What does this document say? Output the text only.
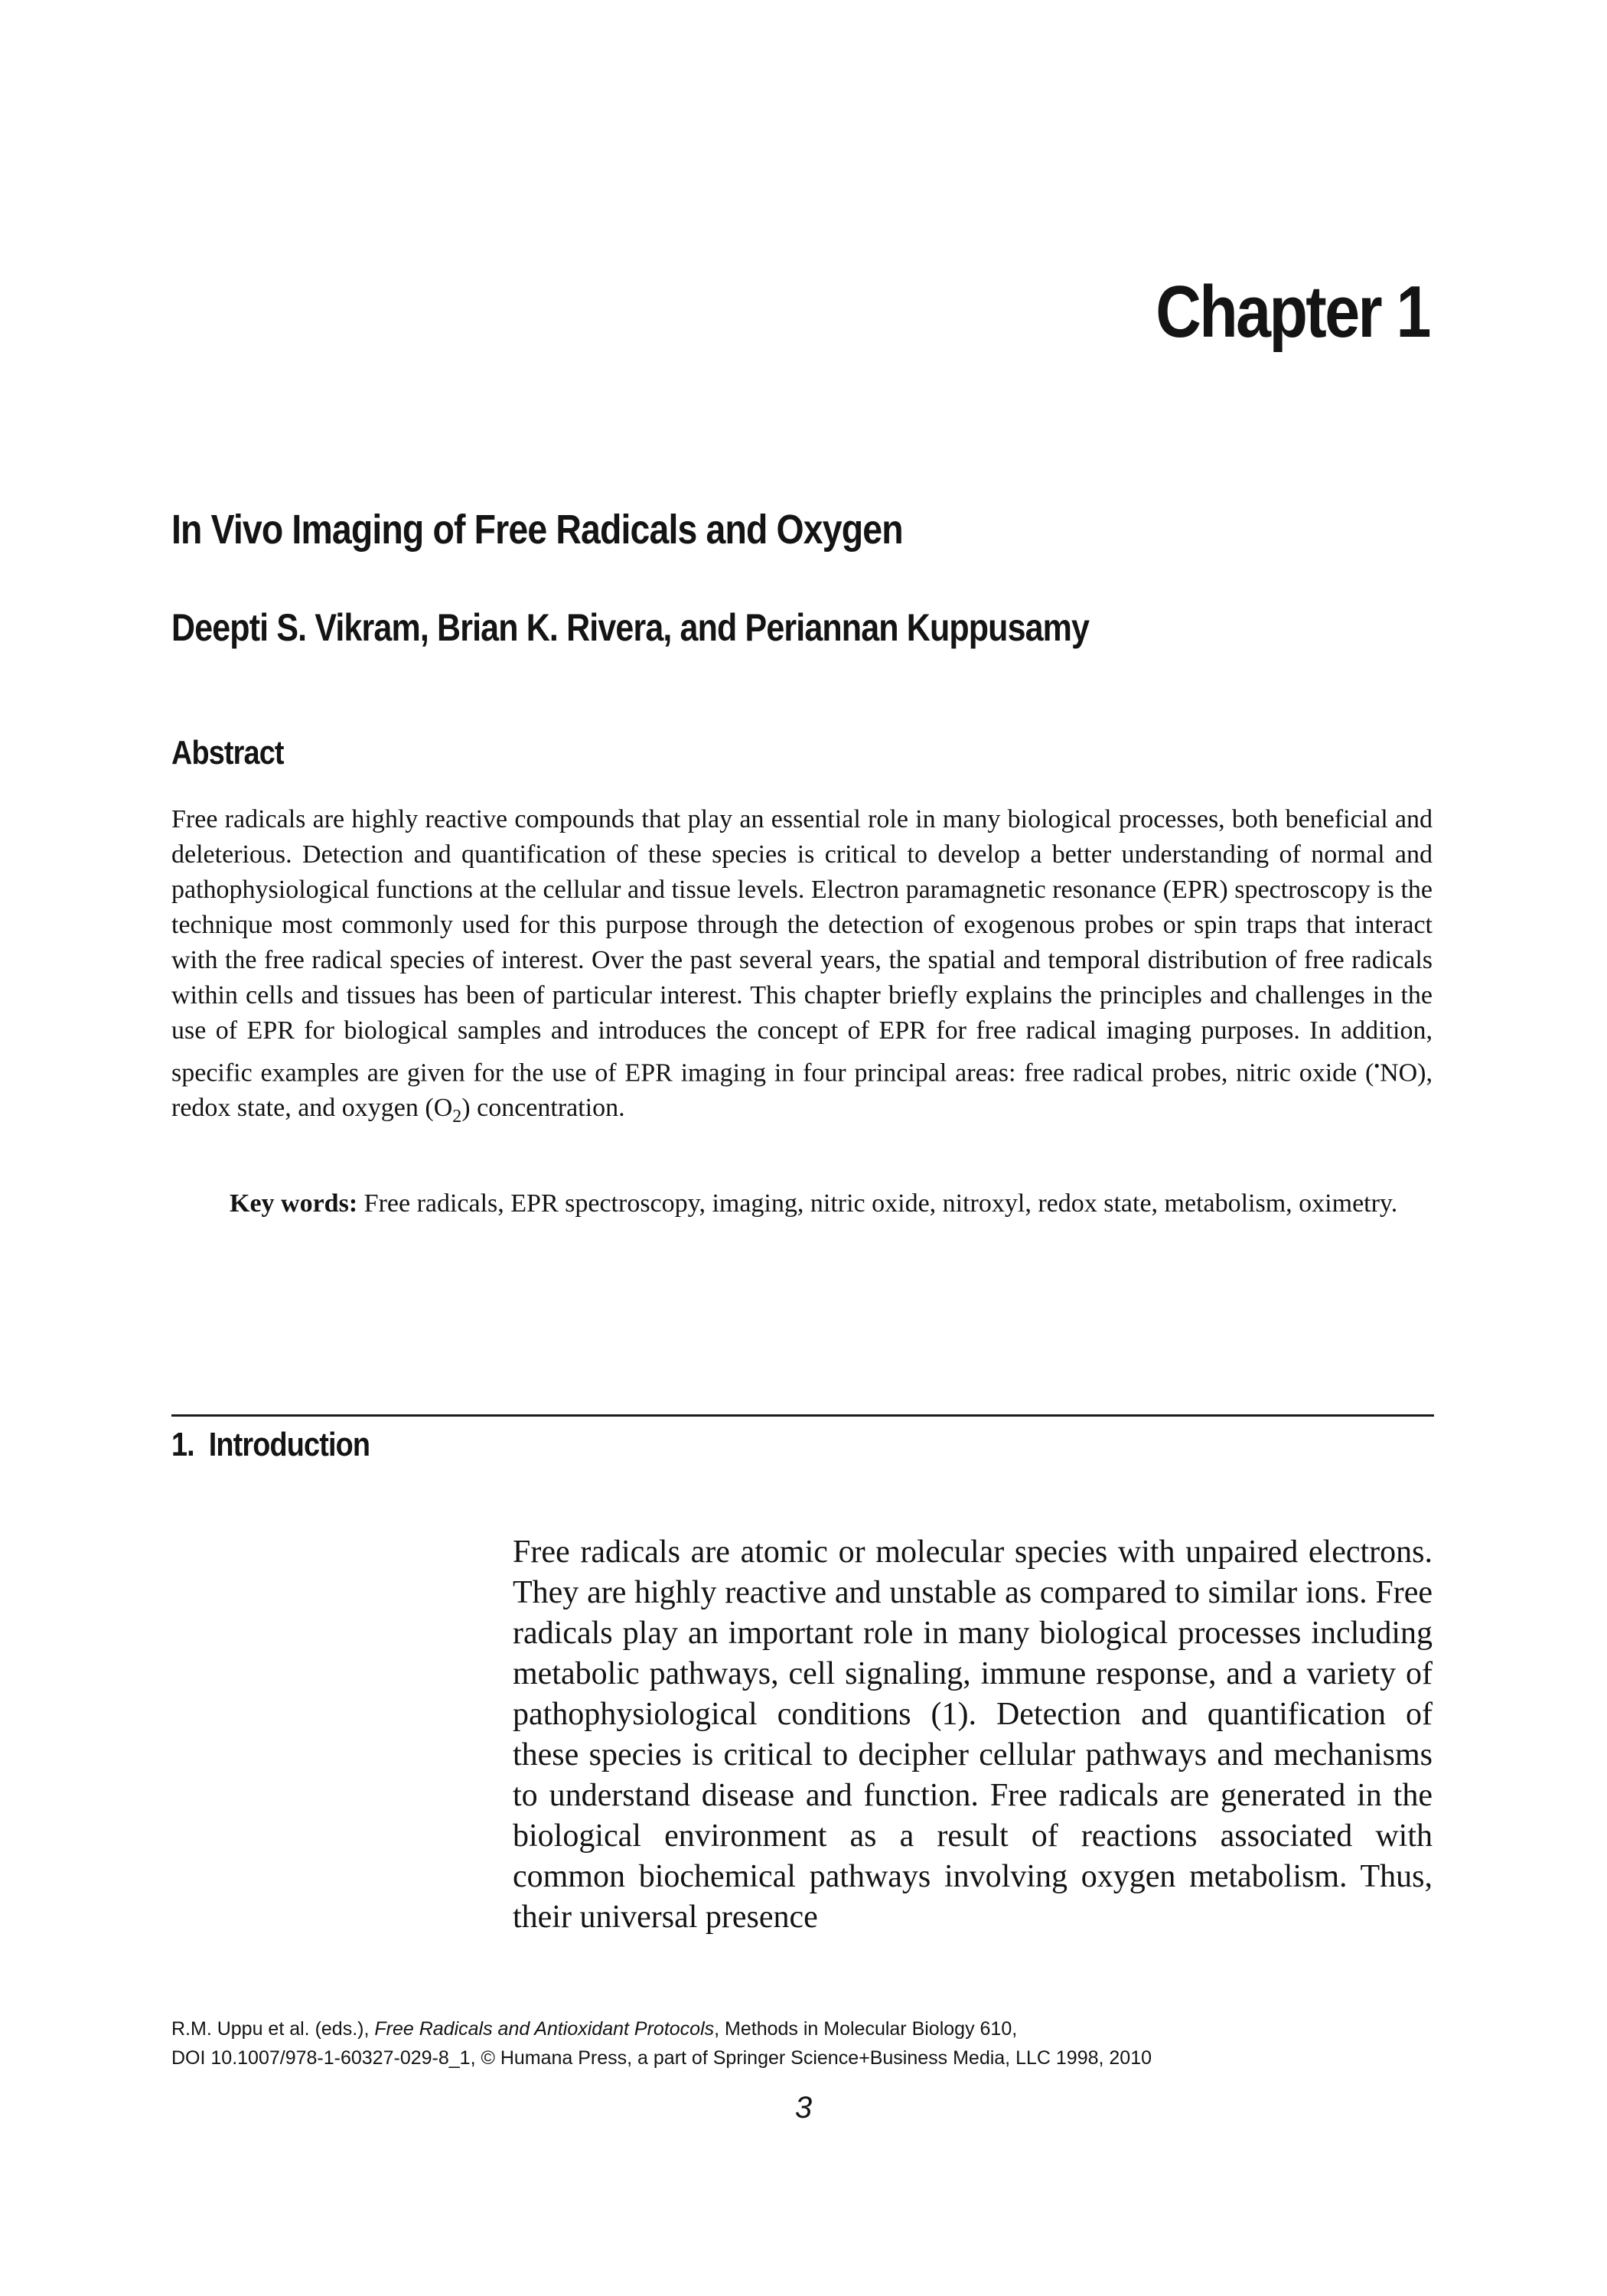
Chapter 1
In Vivo Imaging of Free Radicals and Oxygen
Deepti S. Vikram, Brian K. Rivera, and Periannan Kuppusamy
Abstract

Free radicals are highly reactive compounds that play an essential role in many biological processes, both beneficial and deleterious. Detection and quantification of these species is critical to develop a better understanding of normal and pathophysiological functions at the cellular and tissue levels. Electron paramagnetic resonance (EPR) spectroscopy is the technique most commonly used for this purpose through the detection of exogenous probes or spin traps that interact with the free radical species of interest. Over the past several years, the spatial and temporal distribution of free radicals within cells and tissues has been of particular interest. This chapter briefly explains the principles and challenges in the use of EPR for biological samples and introduces the concept of EPR for free radical imaging purposes. In addition, specific examples are given for the use of EPR imaging in four principal areas: free radical probes, nitric oxide (•NO), redox state, and oxygen $(O_2)$ concentration.

Key words: Free radicals, EPR spectroscopy, imaging, nitric oxide, nitroxyl, redox state, metabolism, oximetry.

1. Introduction

Free radicals are atomic or molecular species with unpaired electrons. They are highly reactive and unstable as compared to similar ions. Free radicals play an important role in many biological processes including metabolic pathways, cell signaling, immune response, and a variety of pathophysiological conditions (1). Detection and quantification of these species is critical to decipher cellular pathways and mechanisms to understand disease and function. Free radicals are generated in the biological environment as a result of reactions associated with common biochemical pathways involving oxygen metabolism. Thus, their universal presence

R.M. Uppu et al. (eds.), Free Radicals and Antioxidant Protocols, Methods in Molecular Biology 610,
DOI 10.1007/978-1-60327-029-8_1, © Humana Press, a part of Springer Science+Business Media, LLC 1998, 2010

3
